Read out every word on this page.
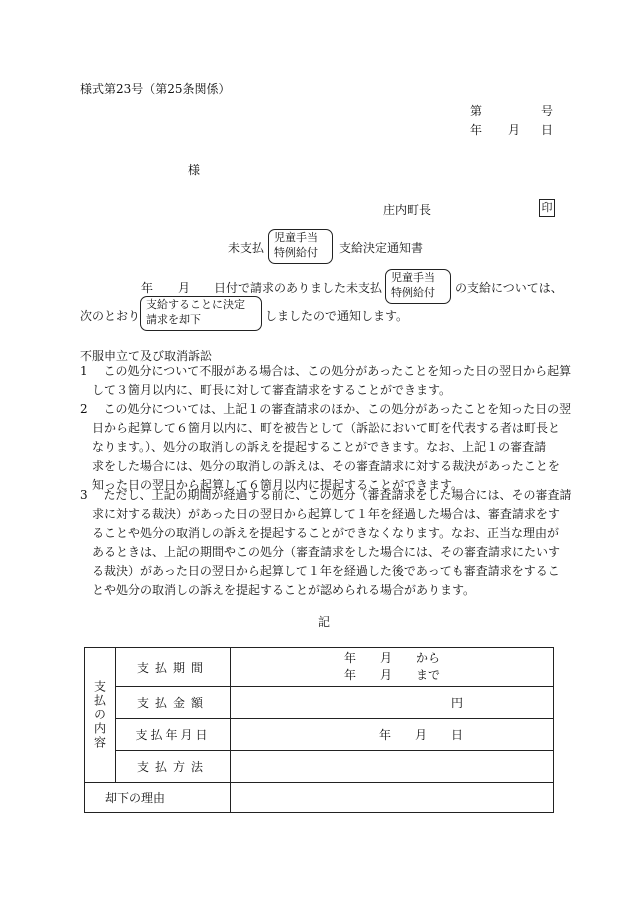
様式第23号（第25条関係）
第	号
年 月 日
様
庄内町長	印
未支払
児童手当
特例給付 支給決定通知書
年 月 日付で請求のありました未支払
児童手当
特例給付 の支給については、
次のとおり
支給することに決定
請求を却下	しましたので通知します。
不服申立て及び取消訴訟
1　 この処分について不服がある場合は、この処分があったことを知った日の翌日から起算
して３箇月以内に、町長に対して審査請求をすることができます。
2　 この処分については、上記１の審査請求のほか、この処分があったことを知った日の翌
日から起算して６箇月以内に、町を被告として（訴訟において町を代表する者は町長と
なります。）、処分の取消しの訴えを提起することができます。なお、上記１の審査請
求をした場合には、処分の取消しの訴えは、その審査請求に対する裁決があったことを
知った日の翌日から起算して６箇月以内に提起することができます。
3　 ただし、上記の期間が経過する前に、この処分（審査請求をした場合には、その審査請
求に対する裁決）があった日の翌日から起算して１年を経過した場合は、審査請求をす
ることや処分の取消しの訴えを提起することができなくなります。なお、正当な理由が
あるときは、上記の期間やこの処分（審査請求をした場合には、その審査請求にたいす
る裁決）があった日の翌日から起算して１年を経過した後であっても審査請求をするこ
とや処分の取消しの訴えを提起することが認められる場合があります。
記
支払の内容	支払期間	年　　月　　から
年　　月　　まで

	支払金額	円
	支払年月日	年　　月　　日
	支払方法	
却下の理由		
